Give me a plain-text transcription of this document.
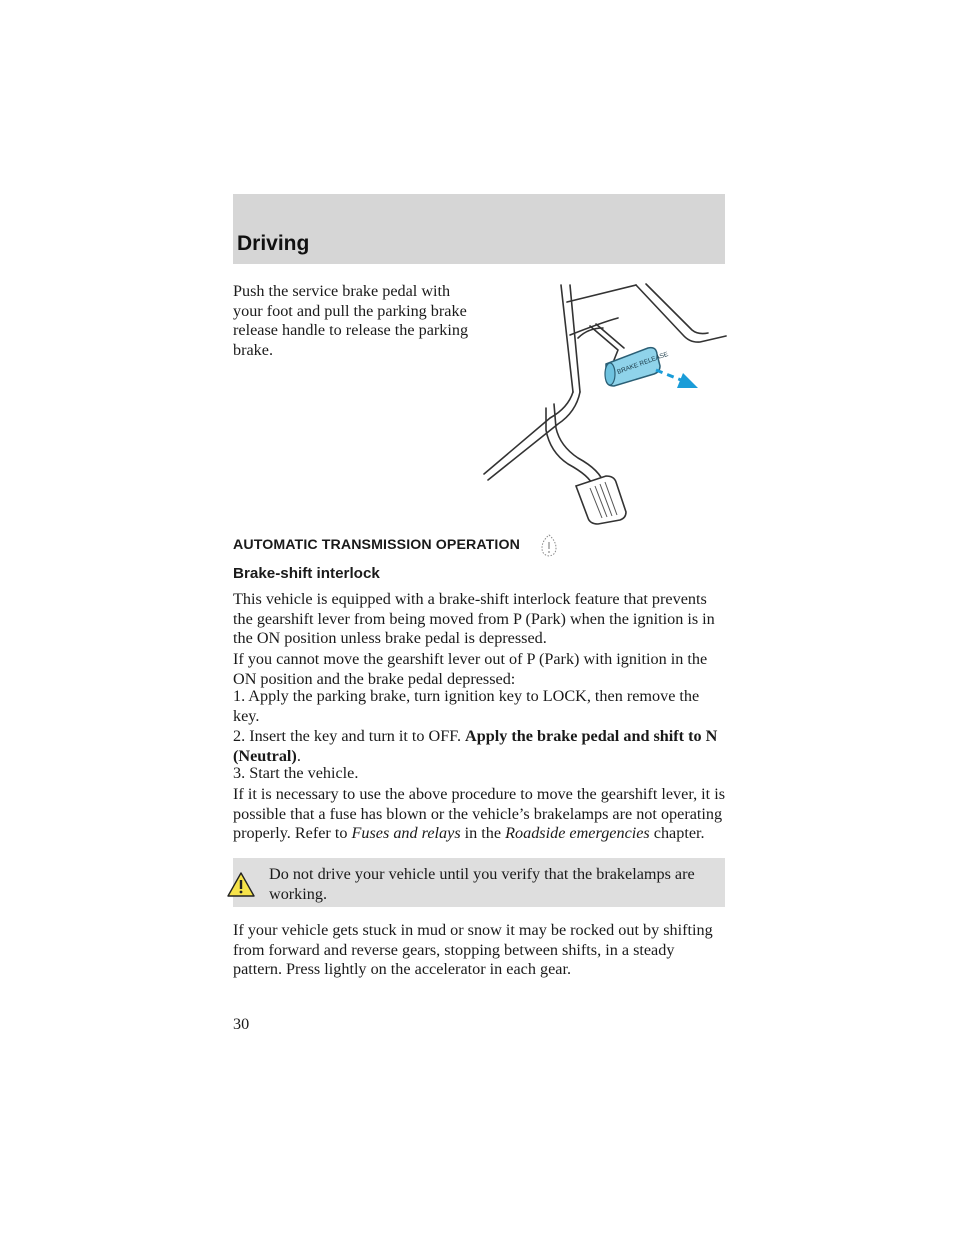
Driving

Push the service brake pedal with your foot and pull the parking brake release handle to release the parking brake.

BRAKE RELEASE
AUTOMATIC TRANSMISSION OPERATION
Brake-shift interlock

This vehicle is equipped with a brake-shift interlock feature that prevents the gearshift lever from being moved from P (Park) when the ignition is in the ON position unless brake pedal is depressed.

If you cannot move the gearshift lever out of P (Park) with ignition in the ON position and the brake pedal depressed:

1. Apply the parking brake, turn ignition key to LOCK, then remove the key.

2. Insert the key and turn it to OFF. Apply the brake pedal and shift to N (Neutral).

3. Start the vehicle.

If it is necessary to use the above procedure to move the gearshift lever, it is possible that a fuse has blown or the vehicle’s brakelamps are not operating properly. Refer to Fuses and relays in the Roadside emergencies chapter.

Do not drive your vehicle until you verify that the brakelamps are working.

If your vehicle gets stuck in mud or snow it may be rocked out by shifting from forward and reverse gears, stopping between shifts, in a steady pattern. Press lightly on the accelerator in each gear.

30
